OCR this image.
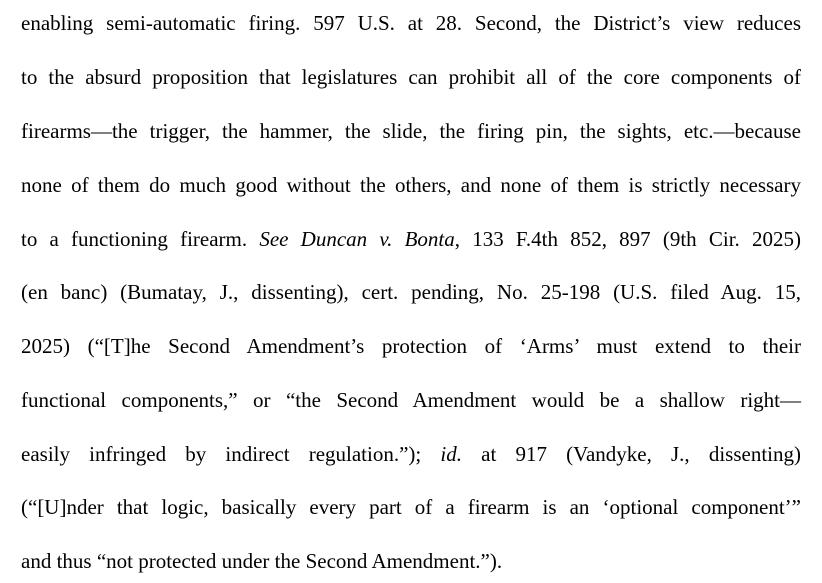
enabling semi-automatic firing. 597 U.S. at 28. Second, the District’s view reduces
to the absurd proposition that legislatures can prohibit all of the core components of
firearms—the trigger, the hammer, the slide, the firing pin, the sights, etc.—because
none of them do much good without the others, and none of them is strictly necessary
to a functioning firearm. See Duncan v. Bonta, 133 F.4th 852, 897 (9th Cir. 2025)
(en banc) (Bumatay, J., dissenting), cert. pending, No. 25-198 (U.S. filed Aug. 15,
2025) (“[T]he Second Amendment’s protection of ‘Arms’ must extend to their
functional components,” or “the Second Amendment would be a shallow right—
easily infringed by indirect regulation.”); id. at 917 (Vandyke, J., dissenting)
(“[U]nder that logic, basically every part of a firearm is an ‘optional component’”
and thus “not protected under the Second Amendment.”).
